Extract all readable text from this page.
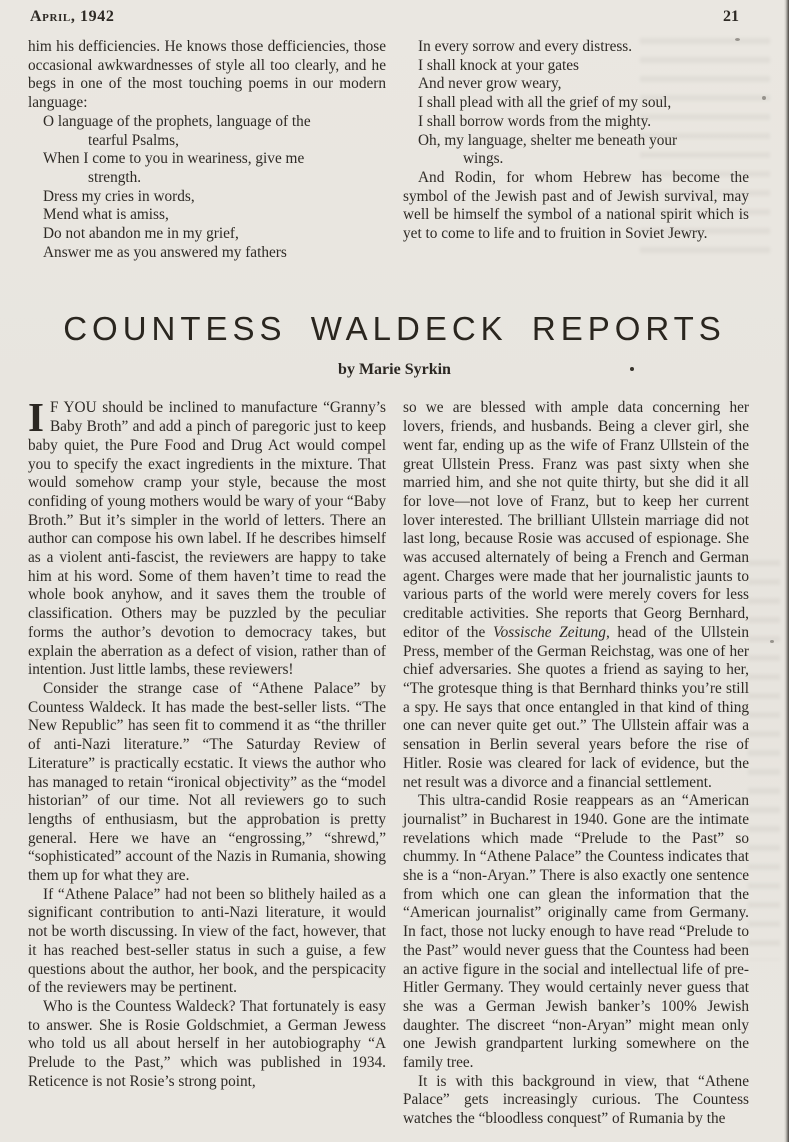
April, 1942	21

him his defficiencies. He knows those defficiencies, those occasional awkwardnesses of style all too clearly, and he begs in one of the most touching poems in our modern language:

O language of the prophets, language of the
tearful Psalms,
When I come to you in weariness, give me
strength.
Dress my cries in words,
Mend what is amiss,
Do not abandon me in my grief,
Answer me as you answered my fathers
In every sorrow and every distress.
I shall knock at your gates
And never grow weary,
I shall plead with all the grief of my soul,
I shall borrow words from the mighty.
Oh, my language, shelter me beneath your
wings.

And Rodin, for whom Hebrew has become the symbol of the Jewish past and of Jewish survival, may well be himself the symbol of a national spirit which is yet to come to life and to fruition in Soviet Jewry.

COUNTESS WALDECK REPORTS
by Marie Syrkin

I F YOU should be inclined to manufacture “Granny’s Baby Broth” and add a pinch of paregoric just to keep baby quiet, the Pure Food and Drug Act would compel you to specify the exact ingredients in the mixture. That would somehow cramp your style, because the most confiding of young mothers would be wary of your “Baby Broth.” But it’s simpler in the world of letters. There an author can compose his own label. If he describes himself as a violent anti-fascist, the reviewers are happy to take him at his word. Some of them haven’t time to read the whole book anyhow, and it saves them the trouble of classification. Others may be puzzled by the peculiar forms the author’s devotion to democracy takes, but explain the aberration as a defect of vision, rather than of intention. Just little lambs, these reviewers!

Consider the strange case of “Athene Palace” by Countess Waldeck. It has made the best-seller lists. “The New Republic” has seen fit to commend it as “the thriller of anti-Nazi literature.” “The Saturday Review of Literature” is practically ecstatic. It views the author who has managed to retain “ironical objectivity” as the “model historian” of our time. Not all reviewers go to such lengths of enthusiasm, but the approbation is pretty general. Here we have an “engrossing,” “shrewd,” “sophisticated” account of the Nazis in Rumania, showing them up for what they are.

If “Athene Palace” had not been so blithely hailed as a significant contribution to anti-Nazi literature, it would not be worth discussing. In view of the fact, however, that it has reached best-seller status in such a guise, a few questions about the author, her book, and the perspicacity of the reviewers may be pertinent.

Who is the Countess Waldeck? That fortunately is easy to answer. She is Rosie Goldschmiet, a German Jewess who told us all about herself in her autobiography “A Prelude to the Past,” which was published in 1934. Reticence is not Rosie’s strong point,

so we are blessed with ample data concerning her lovers, friends, and husbands. Being a clever girl, she went far, ending up as the wife of Franz Ullstein of the great Ullstein Press. Franz was past sixty when she married him, and she not quite thirty, but she did it all for love—not love of Franz, but to keep her current lover interested. The brilliant Ullstein marriage did not last long, because Rosie was accused of espionage. She was accused alternately of being a French and German agent. Charges were made that her journalistic jaunts to various parts of the world were merely covers for less creditable activities. She reports that Georg Bernhard, editor of the Vossische Zeitung, head of the Ullstein Press, member of the German Reichstag, was one of her chief adversaries. She quotes a friend as saying to her, “The grotesque thing is that Bernhard thinks you’re still a spy. He says that once entangled in that kind of thing one can never quite get out.” The Ullstein affair was a sensation in Berlin several years before the rise of Hitler. Rosie was cleared for lack of evidence, but the net result was a divorce and a financial settlement.

This ultra-candid Rosie reappears as an “American journalist” in Bucharest in 1940. Gone are the intimate revelations which made “Prelude to the Past” so chummy. In “Athene Palace” the Countess indicates that she is a “non-Aryan.” There is also exactly one sentence from which one can glean the information that the “American journalist” originally came from Germany. In fact, those not lucky enough to have read “Prelude to the Past” would never guess that the Countess had been an active figure in the social and intellectual life of pre-Hitler Germany. They would certainly never guess that she was a German Jewish banker’s 100% Jewish daughter. The discreet “non-Aryan” might mean only one Jewish grandpartent lurking somewhere on the family tree.

It is with this background in view, that “Athene Palace” gets increasingly curious. The Countess watches the “bloodless conquest” of Rumania by the
